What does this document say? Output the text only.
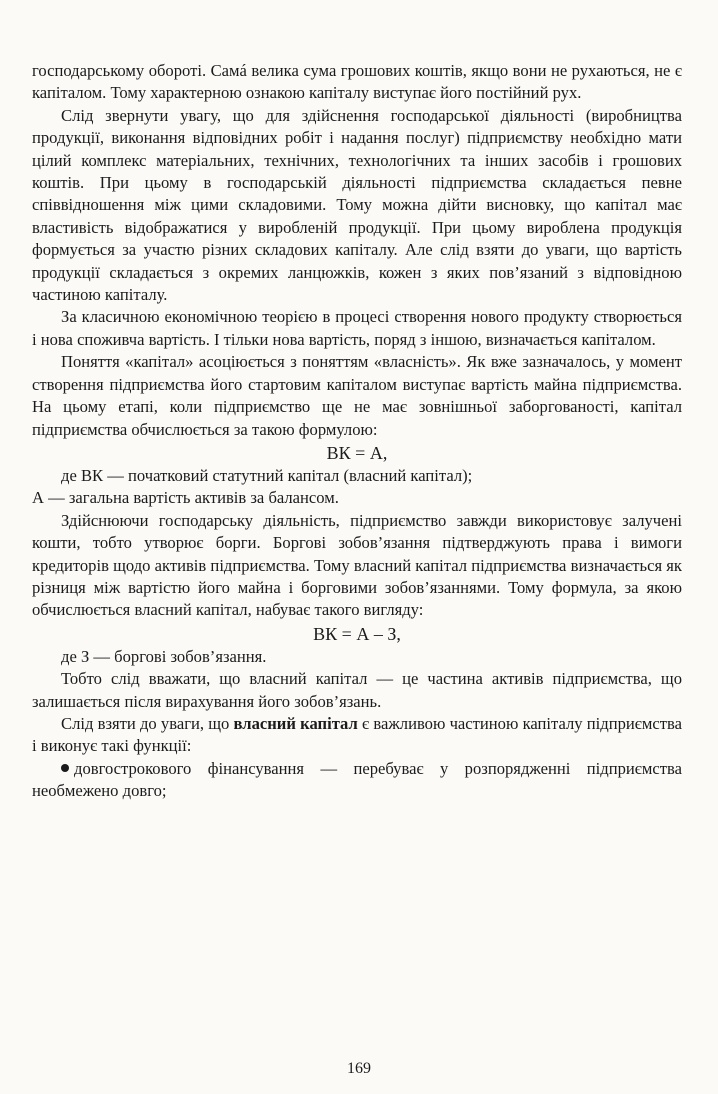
господарському обороті. Самá велика сума грошових коштів, якщо вони не рухаються, не є капіталом. Тому характерною ознакою капіталу виступає його постійний рух.

Слід звернути увагу, що для здійснення господарської діяльності (виробництва продукції, виконання відповідних робіт і надання послуг) підприємству необхідно мати цілий комплекс матеріальних, технічних, технологічних та інших засобів і грошових коштів. При цьому в господарській діяльності підприємства складається певне співвідношення між цими складовими. Тому можна дійти висновку, що капітал має властивість відображатися у виробленій продукції. При цьому вироблена продукція формується за участю різних складових капіталу. Але слід взяти до уваги, що вартість продукції складається з окремих ланцюжків, кожен з яких пов’язаний з відповідною частиною капіталу.

За класичною економічною теорією в процесі створення нового продукту створюється і нова споживча вартість. І тільки нова вартість, поряд з іншою, визначається капіталом.

Поняття «капітал» асоціюється з поняттям «власність». Як вже зазначалось, у момент створення підприємства його стартовим капіталом виступає вартість майна підприємства. На цьому етапі, коли підприємство ще не має зовнішньої заборгованості, капітал підприємства обчислюється за такою формулою:

ВК = А,

де ВК — початковий статутний капітал (власний капітал);

А — загальна вартість активів за балансом.

Здійснюючи господарську діяльність, підприємство завжди використовує залучені кошти, тобто утворює борги. Боргові зобов’язання підтверджують права і вимоги кредиторів щодо активів підприємства. Тому власний капітал підприємства визначається як різниця між вартістю його майна і борговими зобов’язаннями. Тому формула, за якою обчислюється власний капітал, набуває такого вигляду:

ВК = А – З,

де З — боргові зобов’язання.

Тобто слід вважати, що власний капітал — це частина активів підприємства, що залишається після вирахування його зобов’язань.

Слід взяти до уваги, що власний капітал є важливою частиною капіталу підприємства і виконує такі функції:

довгострокового фінансування — перебуває у розпорядженні підприємства необмежено довго;

169
